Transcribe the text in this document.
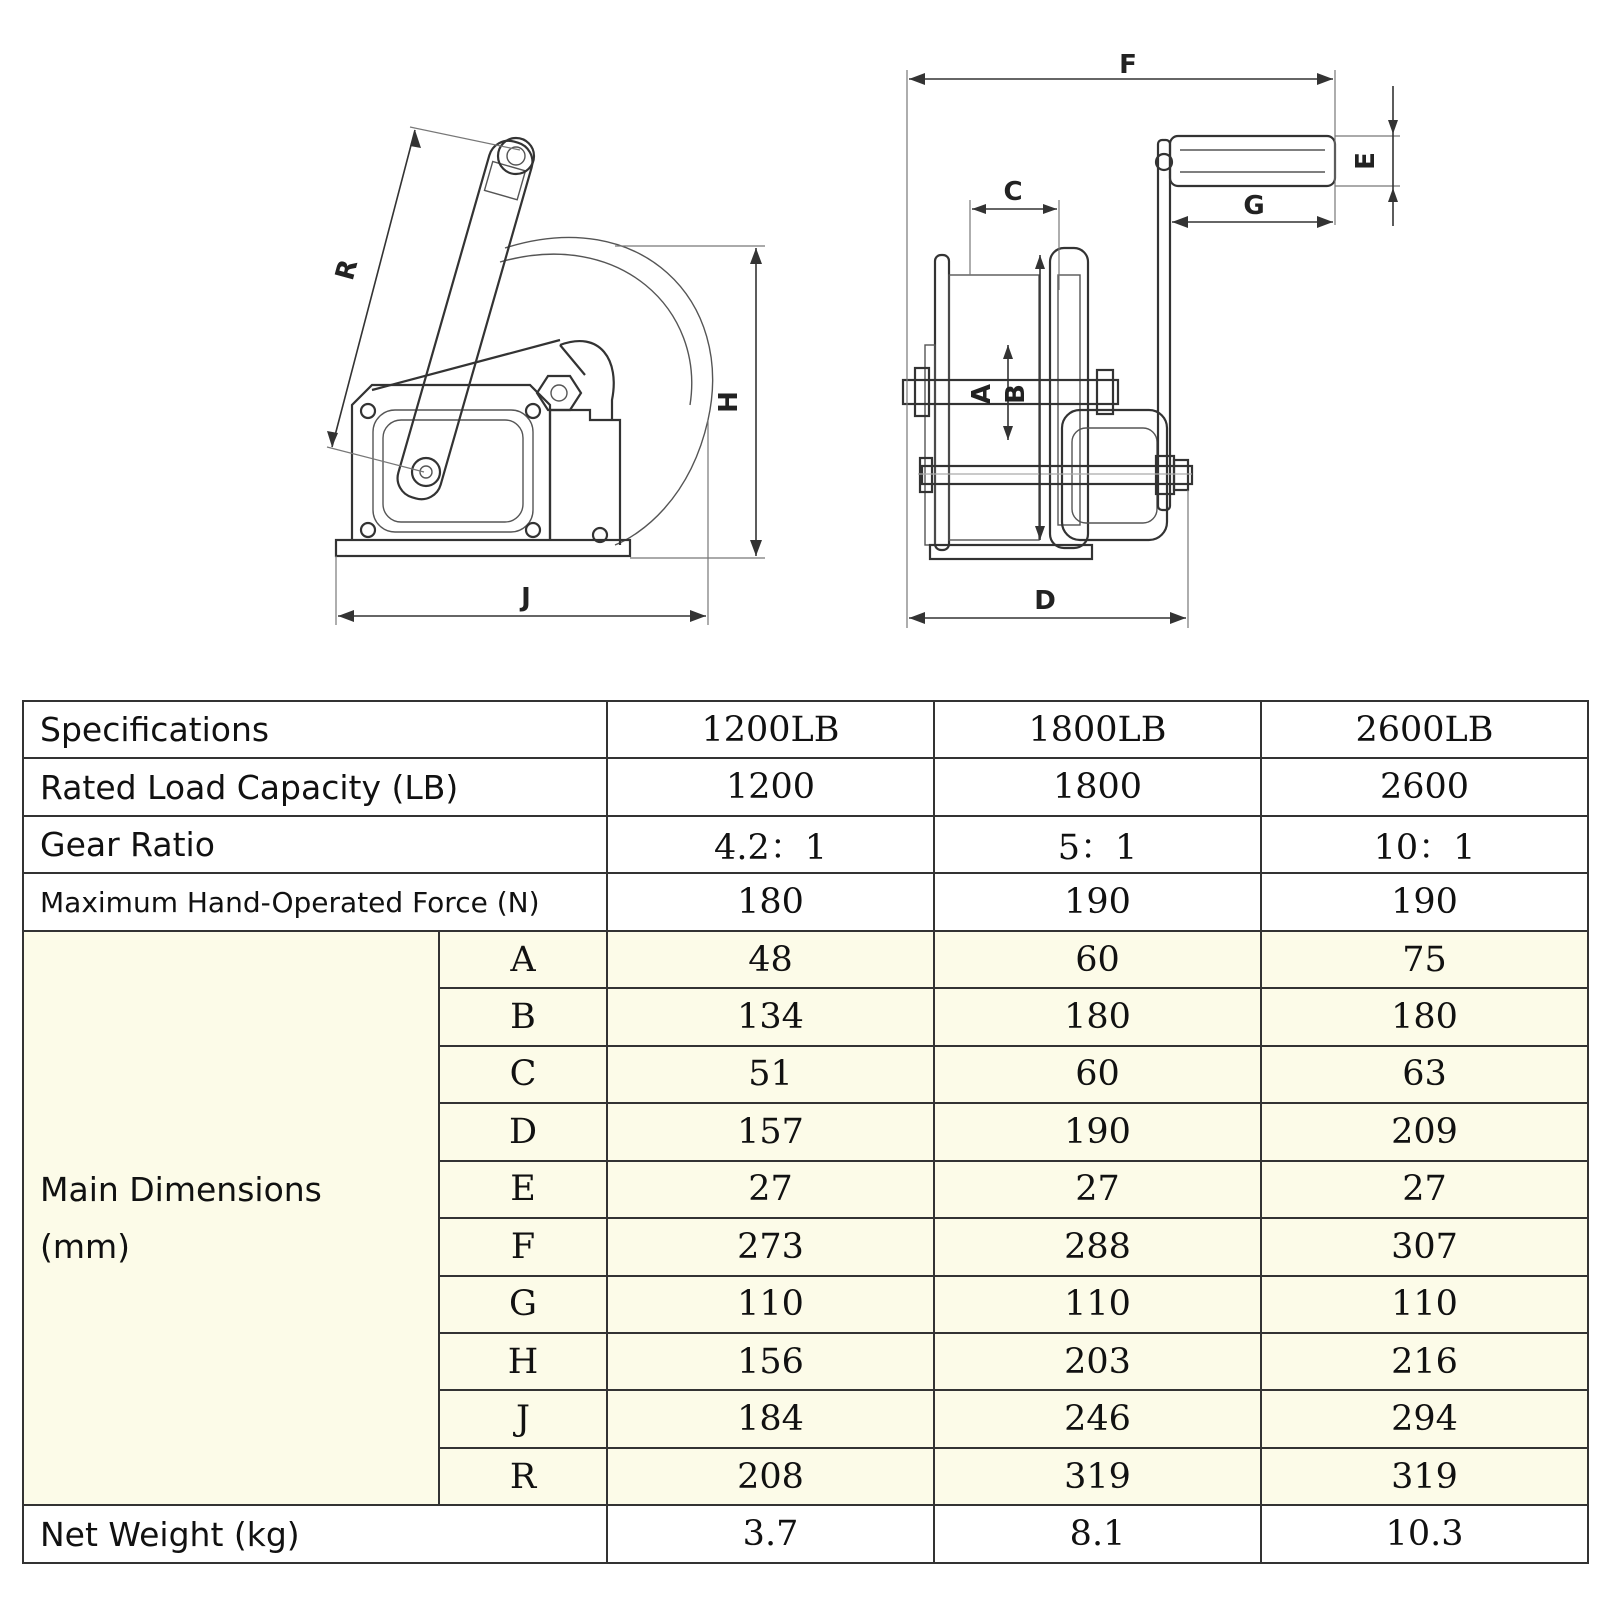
R
H
J
F
C
E
G
A B
D
Specifications		1200LB	1800LB	2600LB
Rated Load Capacity (LB)		1200	1800	2600
Gear Ratio		4.2：1	5：1	10：1
Maximum Hand-Operated Force (N)		180	190	190
Main Dimensions
(mm)	A	48	60	75
	B	134	180	180
	C	51	60	63
	D	157	190	209
	E	27	27	27
	F	273	288	307
	G	110	110	110
	H	156	203	216
	J	184	246	294
	R	208	319	319
Net Weight (kg)		3.7	8.1	10.3
